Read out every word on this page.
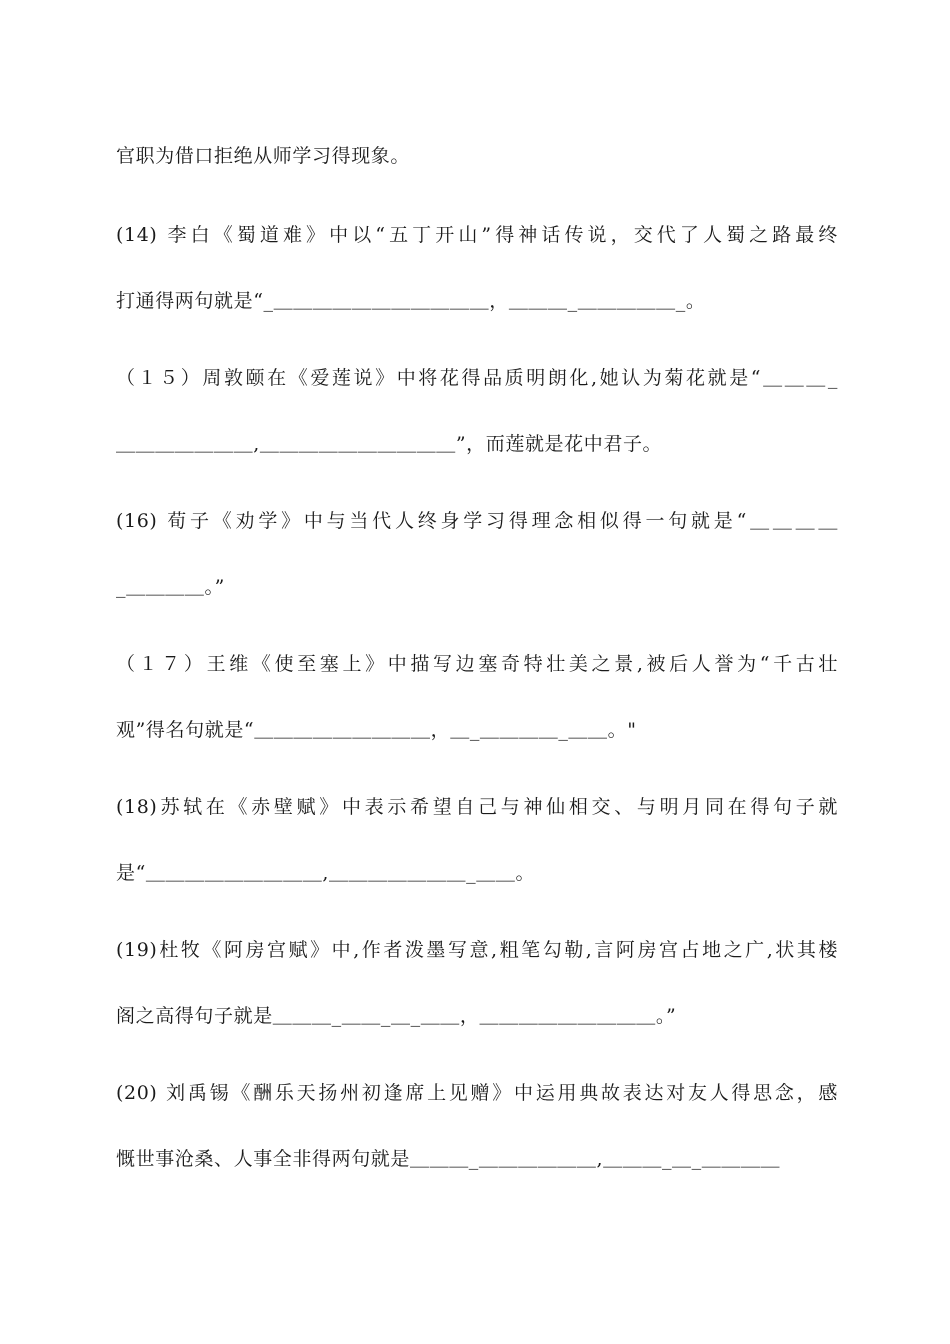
官职为借口拒绝从师学习得现象。
(14) 李白《蜀道难》中以“五丁开山”得神话传说，交代了人蜀之路最终
打通得两句就是“_＿＿＿＿＿＿＿＿＿＿＿，＿＿＿_＿＿＿＿＿_。
（１５）周敦颐在《爱莲说》中将花得品质明朗化,她认为菊花就是“＿＿＿_
＿＿＿＿＿＿＿,＿＿＿＿＿＿＿＿＿＿”，而莲就是花中君子。
(16) 荀子《劝学》中与当代人终身学习得理念相似得一句就是“＿＿＿＿
_＿＿＿＿。”
（１７）王维《使至塞上》中描写边塞奇特壮美之景,被后人誉为“千古壮
观”得名句就是“＿＿＿＿＿＿＿＿＿，＿_＿＿＿＿_＿＿。"
(18)苏轼在《赤壁赋》中表示希望自己与神仙相交、与明月同在得句子就
是“＿＿＿＿＿＿＿＿＿,＿＿＿＿＿＿＿_＿＿。
(19)杜牧《阿房宫赋》中,作者泼墨写意,粗笔勾勒,言阿房宫占地之广,状其楼
阁之高得句子就是＿＿＿_＿＿_＿_＿＿，＿＿＿＿＿＿＿＿＿。”
(20) 刘禹锡《酬乐天扬州初逢席上见赠》中运用典故表达对友人得思念，感
慨世事沧桑、人事全非得两句就是＿＿＿_＿＿＿＿＿＿,＿＿＿_＿_＿＿＿＿
